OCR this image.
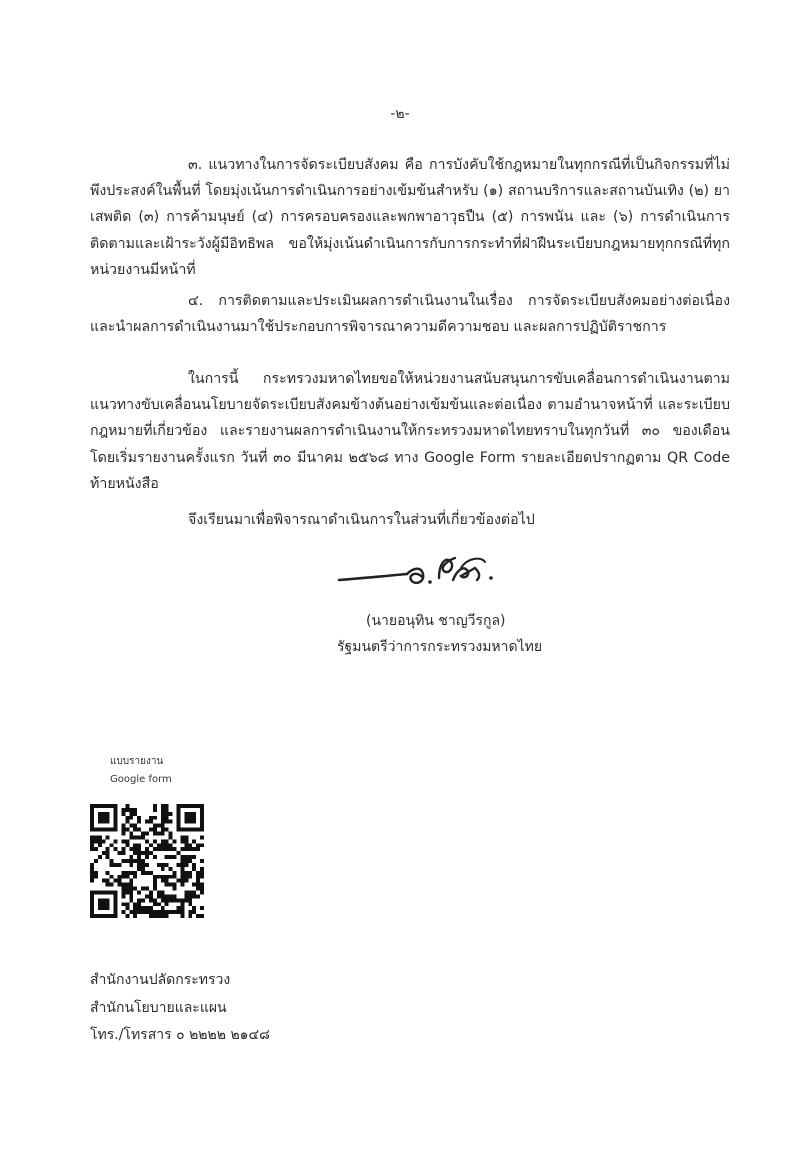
-๒-
๓. แนวทางในการจัดระเบียบสังคม คือ การบังคับใช้กฎหมายในทุกกรณีที่เป็นกิจกรรมที่ไม่พึงประสงค์ในพื้นที่ โดยมุ่งเน้นการดำเนินการอย่างเข้มข้นสำหรับ (๑) สถานบริการและสถานบันเทิง (๒) ยาเสพติด (๓) การค้ามนุษย์ (๔) การครอบครองและพกพาอาวุธปืน (๕) การพนัน และ (๖) การดำเนินการติดตามและเฝ้าระวังผู้มีอิทธิพล ขอให้มุ่งเน้นดำเนินการกับการกระทำที่ฝ่าฝืนระเบียบกฎหมายทุกกรณีที่ทุกหน่วยงานมีหน้าที่
๔. การติดตามและประเมินผลการดำเนินงานในเรื่อง การจัดระเบียบสังคมอย่างต่อเนื่อง และนำผลการดำเนินงานมาใช้ประกอบการพิจารณาความดีความชอบ และผลการปฏิบัติราชการ
ในการนี้ กระทรวงมหาดไทยขอให้หน่วยงานสนับสนุนการขับเคลื่อนการดำเนินงานตามแนวทางขับเคลื่อนนโยบายจัดระเบียบสังคมข้างต้นอย่างเข้มข้นและต่อเนื่อง ตามอำนาจหน้าที่ และระเบียบกฎหมายที่เกี่ยวข้อง และรายงานผลการดำเนินงานให้กระทรวงมหาดไทยทราบในทุกวันที่ ๓๐ ของเดือน โดยเริ่มรายงานครั้งแรก วันที่ ๓๐ มีนาคม ๒๕๖๘ ทาง Google Form รายละเอียดปรากฏตาม QR Code ท้ายหนังสือ
จึงเรียนมาเพื่อพิจารณาดำเนินการในส่วนที่เกี่ยวข้องต่อไป
(นายอนุทิน ชาญวีรกูล)
รัฐมนตรีว่าการกระทรวงมหาดไทย
แบบรายงาน
Google form
สำนักงานปลัดกระทรวง
สำนักนโยบายและแผน
โทร./โทรสาร ๐ ๒๒๒๒ ๒๑๔๘
